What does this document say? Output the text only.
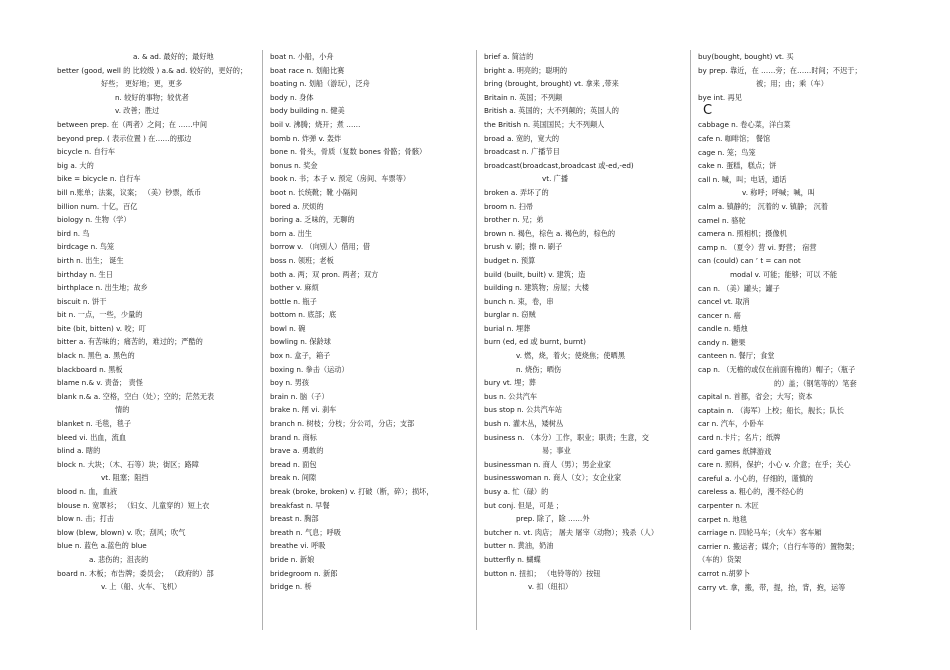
a. & ad. 最好的；最好地
better (good, well 的 比较级 ) a.& ad. 较好的，更好的；
好些； 更好地；更，更多
n. 较好的事物；较优者
v. 改善；胜过
between prep. 在（两者）之间；在 ……中间
beyond prep. ( 表示位置 ) 在……的那边
bicycle n. 自行车
big a. 大的
bike = bicycle n. 自行车
bill n.账单；法案，议案； （美）钞票，纸币
billion num. 十亿，百亿
biology n. 生物（学）
bird n. 鸟
birdcage n. 鸟笼
birth n. 出生； 诞生
birthday n. 生日
birthplace n. 出生地；故乡
biscuit n. 饼干
bit n. 一点，一些，少量的
bite (bit, bitten) v. 咬；叮
bitter a. 有苦味的；痛苦的，难过的；严酷的
black n. 黑色 a. 黑色的
blackboard n. 黑板
blame n.& v. 责备； 责怪
blank n.& a. 空格，空白（处）；空的；茫然无表
情的
blanket n. 毛毯，毯子
bleed vi. 出血，流血
blind a. 瞎的
block n. 大块；（木、石等）块；街区；路障
vt. 阻塞；阻挡
blood n. 血，血液
blouse n. 宽罩衫； （妇女、儿童穿的）短上衣
blow n. 击；打击
blow (blew, blown) v. 吹；刮风；吹气
blue n. 蓝色 a.蓝色的 blue
a. 悲伤的；沮丧的
board n. 木板；布告牌；委员会； （政府的）部
v. 上（船、火车、飞机）
boat n. 小船，小舟
boat race n. 划船比赛
boating n. 划船（游玩），泛舟
body n. 身体
body building n. 健美
boil v. 沸腾；烧开；煮 ……
bomb n. 炸弹 v. 轰炸
bone n. 骨头，骨质（复数 bones 骨骼；骨骸）
bonus n. 奖金
book n. 书；本子 v. 预定（房间、车票等）
boot n. 长统靴；靴 小隔间
bored a. 厌烦的
boring a. 乏味的，无聊的
born a. 出生
borrow v. （向别人）借用；借
boss n. 领班；老板
both a. 两；双 pron. 两者；双方
bother v. 麻烦
bottle n. 瓶子
bottom n. 底部；底
bowl n. 碗
bowling n. 保龄球
box n. 盒子，箱子
boxing n. 拳击（运动）
boy n. 男孩
brain n. 脑（子）
brake n. 闸 vi. 刹车
branch n. 树枝；分枝；分公司，分店；支部
brand n. 商标
brave a. 勇敢的
bread n. 面包
break n. 间隙
break (broke, broken) v. 打破（断，碎）；损坏，
breakfast n. 早餐
breast n. 胸部
breath n. 气息；呼吸
breathe vi. 呼吸
bride n. 新娘
bridegroom n. 新郎
bridge n. 桥
brief a. 简洁的
bright a. 明亮的；聪明的
bring (brought, brought) vt. 拿来 ,带来
Britain n. 英国；不列颠
British a. 英国的；大不列颠的；英国人的
the British n. 英国国民；大不列颠人
broad a. 宽的，宽大的
broadcast n. 广播节目
broadcast(broadcast,broadcast 或-ed,-ed)
vt. 广播
broken a. 弄坏了的
broom n. 扫帚
brother n. 兄；弟
brown n. 褐色，棕色 a. 褐色的，棕色的
brush v. 刷；擦 n. 刷子
budget n. 预算
build (built, built) v. 建筑；造
building n. 建筑物；房屋；大楼
bunch n. 束，卷，串
burglar n. 窃贼
burial n. 埋葬
burn (ed, ed 或 burnt, burnt)
v. 燃，烧，着火；使烧焦；使晒黑
n. 烧伤；晒伤
bury vt. 埋；葬
bus n. 公共汽车
bus stop n. 公共汽车站
bush n. 灌木丛，矮树丛
business n. （本分）工作，职业；职责；生意，交
易；事业
businessman n. 商人（男）；男企业家
businesswoman n. 商人（女）；女企业家
busy a. 忙（碌）的
but conj. 但是，可是 ；
prep. 除了，除 ……外
butcher n. vt. 肉店； 屠夫 屠宰（动物）；残杀（人）
butter n. 黄油，奶油
butterfly n. 蝴蝶
button n. 扭扣； （电铃等的）按钮
v. 扣（纽扣）
buy(bought, bought) vt. 买
by prep. 靠近，在 ……旁；在……时间；不迟于；
被；用；由；乘（车）
bye int. 再见
C
cabbage n. 卷心菜，洋白菜
cafe n. 咖啡馆； 餐馆
cage n. 笼；鸟笼
cake n. 蛋糕，糕点；饼
call n. 喊，叫；电话，通话
v. 称呼；呼喊；喊，叫
calm a. 镇静的； 沉着的 v. 镇静； 沉着
camel n. 骆驼
camera n. 照相机；摄像机
camp n. （夏令）营 vi. 野营； 宿营
can (could) can ’ t = can not
modal v. 可能；能够；可以 不能
can n. （美）罐头；罐子
cancel vt. 取消
cancer n. 癌
candle n. 蜡烛
candy n. 糖果
canteen n. 餐厅；食堂
cap n. （无檐的或仅在前面有檐的）帽子；（瓶子
的）盖；（钢笔等的）笔套
capital n. 首都，省会；大写；资本
captain n. （海军）上校；船长，舰长；队长
car n. 汽车，小卧车
card n.卡片；名片；纸牌
card games 纸牌游戏
care n. 照料，保护；小心 v. 介意；在乎；关心
careful a. 小心的，仔细的，谨慎的
careless a. 粗心的，漫不经心的
carpenter n. 木匠
carpet n. 地毯
carriage n. 四轮马车；（火车）客车厢
carrier n. 搬运者；媒介；（自行车等的）置物架；
（车的）货架
carrot n.胡萝卜
carry vt. 拿，搬，带，提，抬，背，抱，运等
